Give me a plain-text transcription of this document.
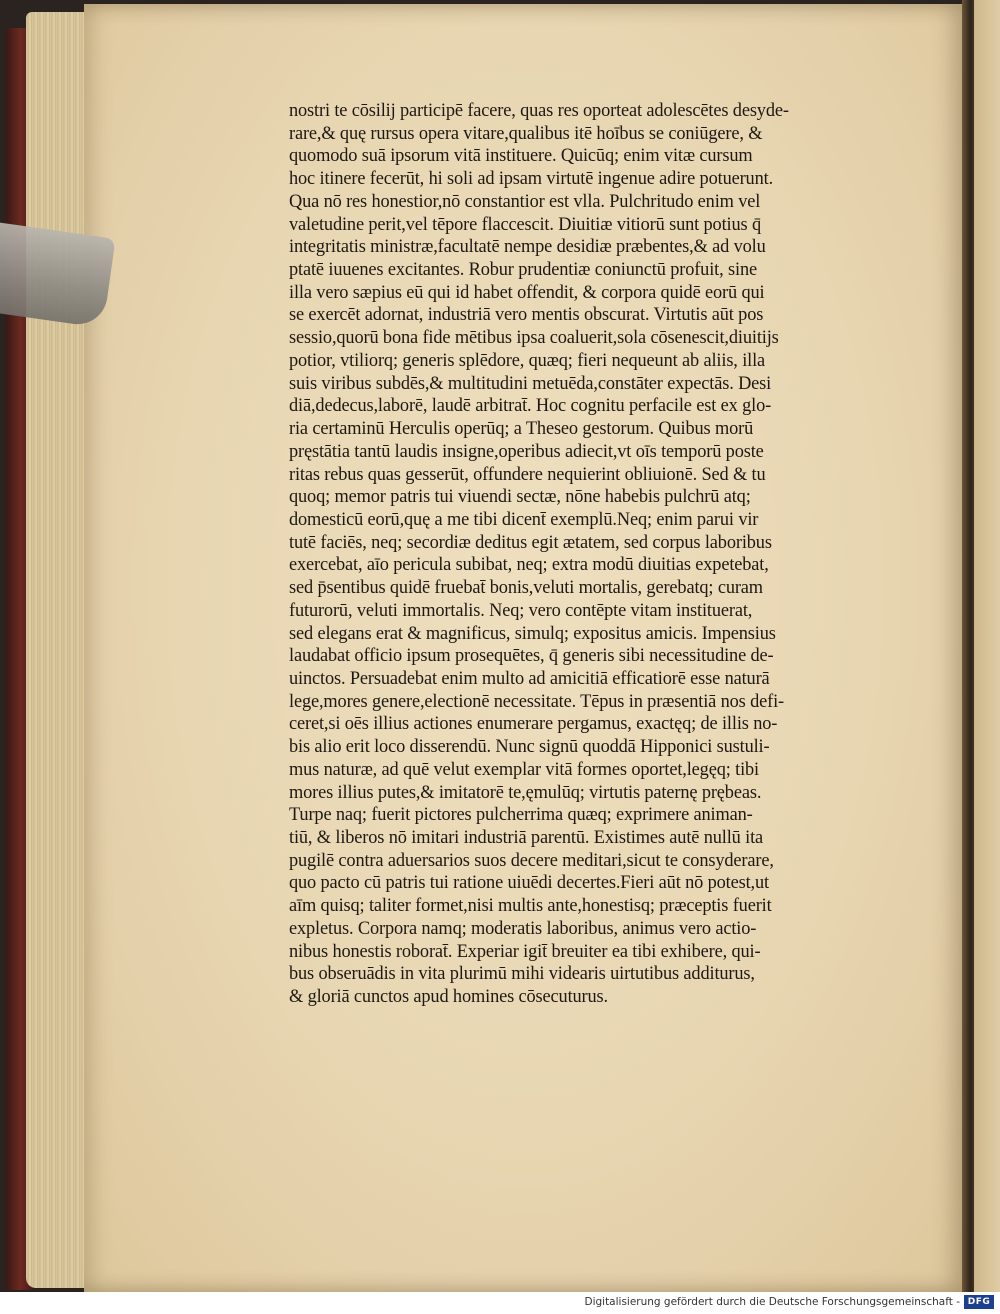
nostri te cōsilij participē facere, quas res oporteat adolescētes desyde-
rare,& quę rursus opera vitare,qualibus itē hoībus se coniūgere, &
quomodo suā ipsorum vitā instituere. Quicūq; enim vitæ cursum
hoc itinere fecerūt, hi soli ad ipsam virtutē ingenue adire potuerunt.
Qua nō res honestior,nō constantior est vlla. Pulchritudo enim vel
valetudine perit,vel tēpore flaccescit. Diuitiæ vitiorū sunt potius q̄
integritatis ministræ,facultatē nempe desidiæ præbentes,& ad volu
ptatē iuuenes excitantes. Robur prudentiæ coniunctū profuit, sine
illa vero sæpius eū qui id habet offendit, & corpora quidē eorū qui
se exercēt adornat, industriā vero mentis obscurat. Virtutis aūt pos
sessio,quorū bona fide mētibus ipsa coaluerit,sola cōsenescit,diuitijs
potior, vtiliorq; generis splēdore, quæq; fieri nequeunt ab aliis, illa
suis viribus subdēs,& multitudini metuēda,constāter expectās. Desi
diā,dedecus,laborē, laudē arbitrat̄. Hoc cognitu perfacile est ex glo-
ria certaminū Herculis operūq; a Theseo gestorum. Quibus morū
pręstātia tantū laudis insigne,operibus adiecit,vt oīs temporū poste
ritas rebus quas gesserūt, offundere nequierint obliuionē. Sed & tu
quoq; memor patris tui viuendi sectæ, nōne habebis pulchrū atq;
domesticū eorū,quę a me tibi dicent̄ exemplū.Neq; enim parui vir
tutē faciēs, neq; secordiæ deditus egit ætatem, sed corpus laboribus
exercebat, aīo pericula subibat, neq; extra modū diuitias expetebat,
sed p̄sentibus quidē fruebat̄ bonis,veluti mortalis, gerebatq; curam
futurorū, veluti immortalis. Neq; vero contēpte vitam instituerat,
sed elegans erat & magnificus, simulq; expositus amicis. Impensius
laudabat officio ipsum prosequētes, q̄ generis sibi necessitudine de-
uinctos. Persuadebat enim multo ad amicitiā efficatiorē esse naturā
lege,mores genere,electionē necessitate. Tēpus in præsentiā nos defi-
ceret,si oēs illius actiones enumerare pergamus, exactęq; de illis no-
bis alio erit loco disserendū. Nunc signū quoddā Hipponici sustuli-
mus naturæ, ad quē velut exemplar vitā formes oportet,legęq; tibi
mores illius putes,& imitatorē te,ęmulūq; virtutis paternę prębeas.
Turpe naq; fuerit pictores pulcherrima quæq; exprimere animan-
tiū, & liberos nō imitari industriā parentū. Existimes autē nullū ita
pugilē contra aduersarios suos decere meditari,sicut te consyderare,
quo pacto cū patris tui ratione uiuēdi decertes.Fieri aūt nō potest,ut
aīm quisq; taliter formet,nisi multis ante,honestisq; præceptis fuerit
expletus. Corpora namq; moderatis laboribus, animus vero actio-
nibus honestis roborat̄. Experiar igit̄ breuiter ea tibi exhibere, qui-
bus obseruādis in vita plurimū mihi videaris uirtutibus additurus,
& gloriā cunctos apud homines cōsecuturus.
Digitalisierung gefördert durch die Deutsche Forschungsgemeinschaft - DFG
